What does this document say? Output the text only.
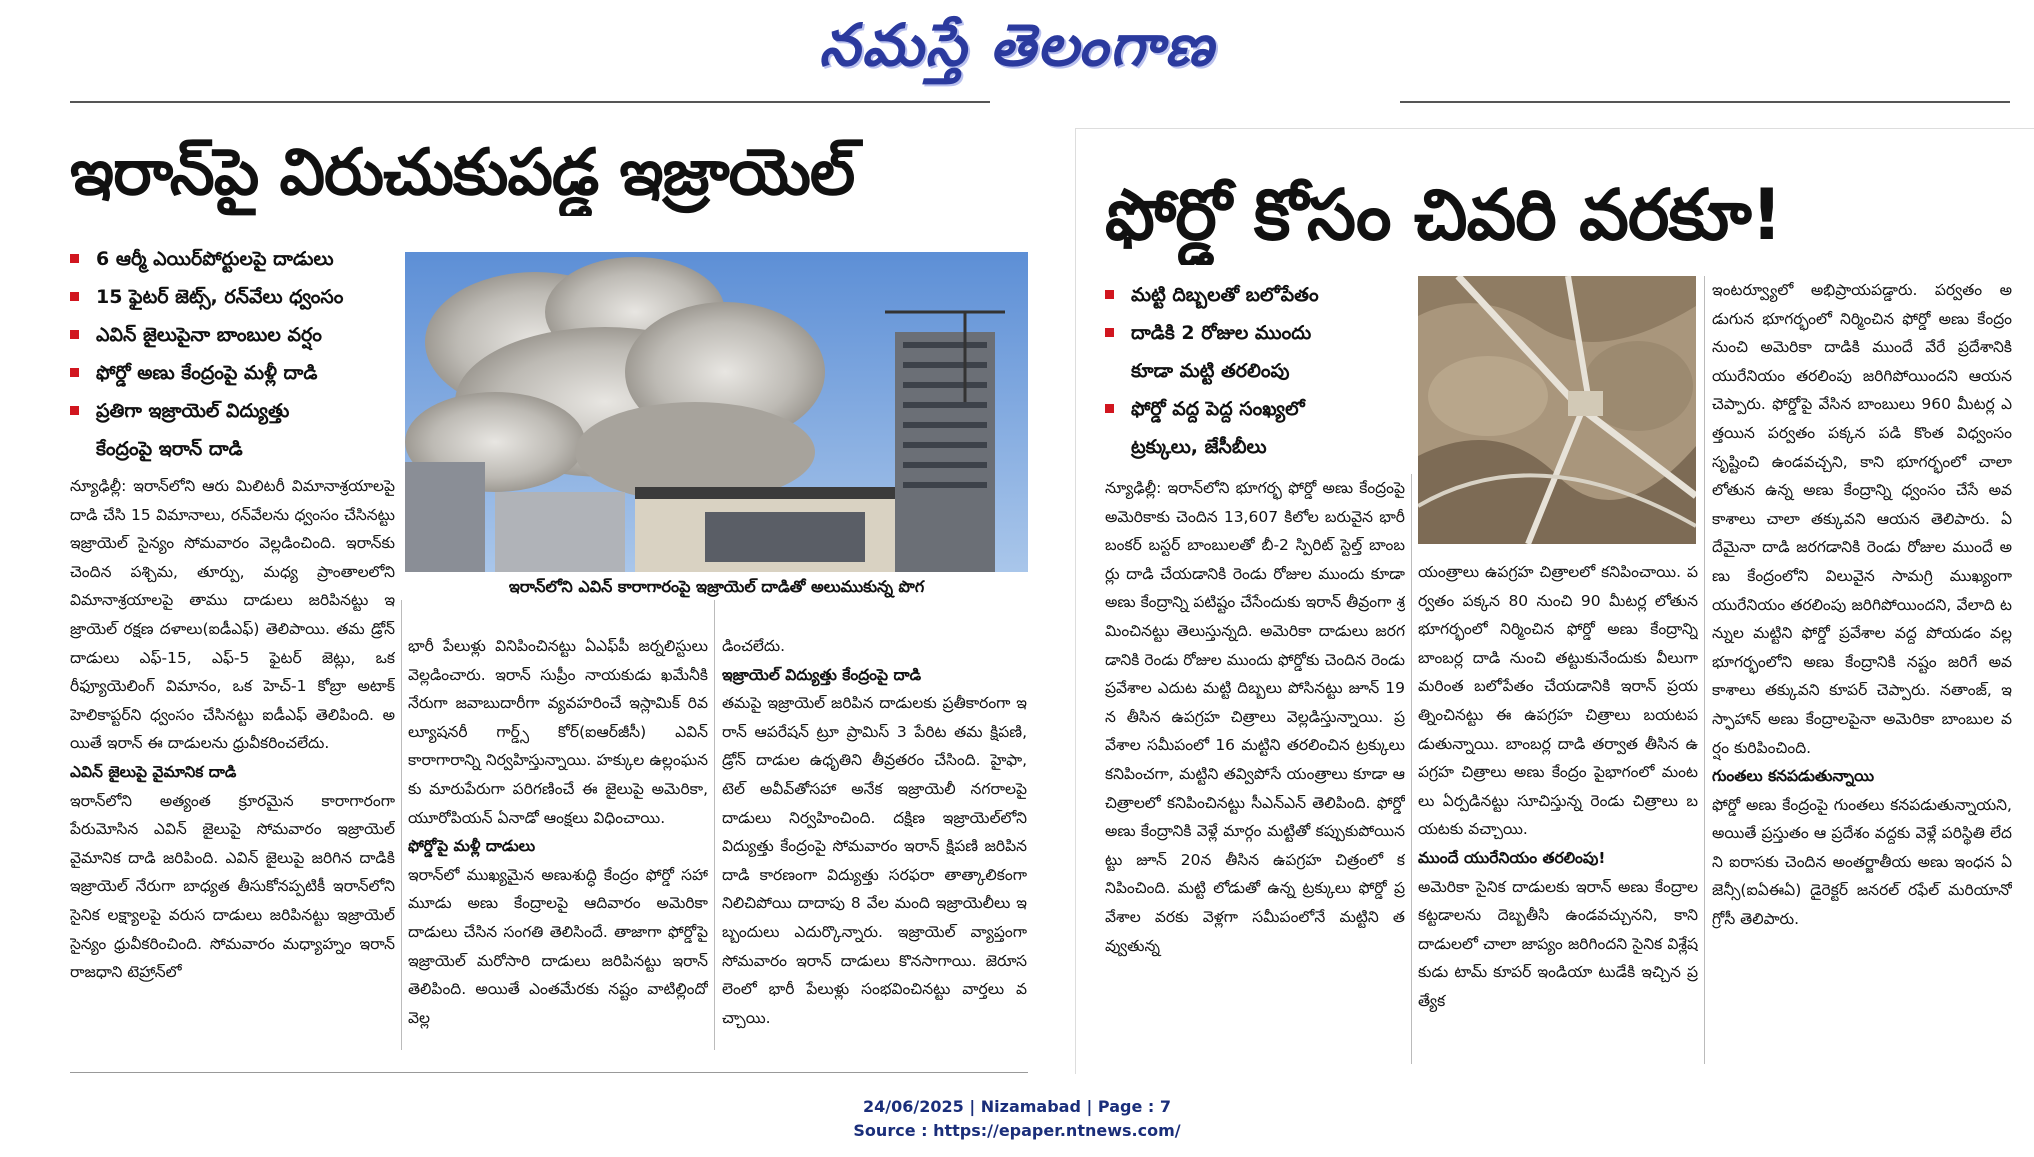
నమస్తే తెలంగాణ
ఇరాన్‌పై విరుచుకుపడ్డ ఇజ్రాయెల్
6 ఆర్మీ ఎయిర్‌పోర్టులపై దాడులు
15 ఫైటర్ జెట్స్, రన్‌వేలు ధ్వంసం
ఎవిన్ జైలుపైనా బాంబుల వర్షం
ఫోర్డో అణు కేంద్రంపై మళ్లీ దాడి
ప్రతిగా ఇజ్రాయెల్ విద్యుత్తు
కేంద్రంపై ఇరాన్ దాడి
ఇరాన్‌లోని ఎవిన్ కారాగారంపై ఇజ్రాయెల్ దాడితో అలుముకున్న పొగ

న్యూఢిల్లీ: ఇరాన్‌లోని ఆరు మిలిటరీ విమానాశ్రయాలపై దాడి చేసి 15 విమానాలు, రన్‌వేలను ధ్వంసం చేసినట్టు ఇజ్రాయెల్ సైన్యం సోమవారం వెల్లడించింది. ఇరాన్‌కు చెందిన పశ్చిమ, తూర్పు, మధ్య ప్రాంతాలలోని విమానాశ్రయాలపై తాము దాడులు జరిపినట్టు ఇజ్రాయెల్ రక్షణ దళాలు(ఐడీఎఫ్) తెలిపాయి. తమ డ్రోన్ దాడులు ఎఫ్-15, ఎఫ్-5 ఫైటర్ జెట్లు, ఒక రీఫ్యూయెలింగ్ విమానం, ఒక హెచ్-1 కోబ్రా అటాక్ హెలికాప్టర్‌ని ధ్వంసం చేసినట్టు ఐడీఎఫ్ తెలిపింది. అయితే ఇరాన్ ఈ దాడులను ధ్రువీకరించలేదు.

ఎవిన్ జైలుపై వైమానిక దాడి

ఇరాన్‌లోని అత్యంత క్రూరమైన కారాగారంగా పేరుమోసిన ఎవిన్ జైలుపై సోమవారం ఇజ్రాయెల్ వైమానిక దాడి జరిపింది. ఎవిన్ జైలుపై జరిగిన దాడికి ఇజ్రాయెల్ నేరుగా బాధ్యత తీసుకోనప్పటికీ ఇరాన్‌లోని సైనిక లక్ష్యాలపై వరుస దాడులు జరిపినట్టు ఇజ్రాయెల్ సైన్యం ధ్రువీకరించింది. సోమవారం మధ్యాహ్నం ఇరాన్ రాజధాని టెహ్రాన్‌లో

భారీ పేలుళ్లు వినిపించినట్టు ఏఎఫ్‌పీ జర్నలిస్టులు వెల్లడించారు. ఇరాన్ సుప్రీం నాయకుడు ఖమేనీకి నేరుగా జవాబుదారీగా వ్యవహరించే ఇస్లామిక్ రివల్యూషనరీ గార్డ్స్ కోర్(ఐఆర్‌జీసీ) ఎవిన్ కారాగారాన్ని నిర్వహిస్తున్నాయి. హక్కుల ఉల్లంఘనకు మారుపేరుగా పరిగణించే ఈ జైలుపై అమెరికా, యూరోపియన్ ఏనాడో ఆంక్షలు విధించాయి.

ఫోర్డోపై మళ్లీ దాడులు

ఇరాన్‌లో ముఖ్యమైన అణుశుద్ధి కేంద్రం ఫోర్డో సహా మూడు అణు కేంద్రాలపై ఆదివారం అమెరికా దాడులు చేసిన సంగతి తెలిసిందే. తాజాగా ఫోర్డోపై ఇజ్రాయెల్ మరోసారి దాడులు జరిపినట్టు ఇరాన్ తెలిపింది. అయితే ఎంతమేరకు నష్టం వాటిల్లిందో వెల్ల

డించలేదు.

ఇజ్రాయెల్ విద్యుత్తు కేంద్రంపై దాడి

తమపై ఇజ్రాయెల్ జరిపిన దాడులకు ప్రతీకారంగా ఇరాన్ ఆపరేషన్ ట్రూ ప్రామిస్ 3 పేరిట తమ క్షిపణి, డ్రోన్ దాడుల ఉధృతిని తీవ్రతరం చేసింది. హైఫా, టెల్ అవీవ్‌తోసహా అనేక ఇజ్రాయెలీ నగరాలపై దాడులు నిర్వహించింది. దక్షిణ ఇజ్రాయెల్‌లోని విద్యుత్తు కేంద్రంపై సోమవారం ఇరాన్ క్షిపణి జరిపిన దాడి కారణంగా విద్యుత్తు సరఫరా తాత్కాలికంగా నిలిచిపోయి దాదాపు 8 వేల మంది ఇజ్రాయెలీలు ఇబ్బందులు ఎదుర్కొన్నారు. ఇజ్రాయెల్ వ్యాప్తంగా సోమవారం ఇరాన్ దాడులు కొనసాగాయి. జెరూసలెంలో భారీ పేలుళ్లు సంభవించినట్టు వార్తలు వచ్చాయి.

ఫోర్డో కోసం చివరి వరకూ!
మట్టి దిబ్బలతో బలోపేతం
దాడికి 2 రోజుల ముందు
కూడా మట్టి తరలింపు
ఫోర్డో వద్ద పెద్ద సంఖ్యలో
ట్రక్కులు, జేసీబీలు

న్యూఢిల్లీ: ఇరాన్‌లోని భూగర్భ ఫోర్డో అణు కేంద్రంపై అమెరికాకు చెందిన 13,607 కిలోల బరువైన భారీ బంకర్ బస్టర్ బాంబులతో బీ-2 స్పిరిట్ స్టెల్త్ బాంబర్లు దాడి చేయడానికి రెండు రోజుల ముందు కూడా అణు కేంద్రాన్ని పటిష్టం చేసేందుకు ఇరాన్ తీవ్రంగా శ్రమించినట్టు తెలుస్తున్నది. అమెరికా దాడులు జరగడానికి రెండు రోజుల ముందు ఫోర్డోకు చెందిన రెండు ప్రవేశాల ఎదుట మట్టి దిబ్బలు పోసినట్టు జూన్ 19న తీసిన ఉపగ్రహ చిత్రాలు వెల్లడిస్తున్నాయి. ప్రవేశాల సమీపంలో 16 మట్టిని తరలించిన ట్రక్కులు కనిపించగా, మట్టిని తవ్విపోసే యంత్రాలు కూడా ఆ చిత్రాలలో కనిపించినట్టు సీఎన్ఎన్ తెలిపింది. ఫోర్డో అణు కేంద్రానికి వెళ్లే మార్గం మట్టితో కప్పుకుపోయినట్టు జూన్ 20న తీసిన ఉపగ్రహ చిత్రంలో కనిపించింది. మట్టి లోడుతో ఉన్న ట్రక్కులు ఫోర్డో ప్రవేశాల వరకు వెళ్లగా సమీపంలోనే మట్టిని తవ్వుతున్న

యంత్రాలు ఉపగ్రహ చిత్రాలలో కనిపించాయి. పర్వతం పక్కన 80 నుంచి 90 మీటర్ల లోతున భూగర్భంలో నిర్మించిన ఫోర్డో అణు కేంద్రాన్ని బాంబర్ల దాడి నుంచి తట్టుకునేందుకు వీలుగా మరింత బలోపేతం చేయడానికి ఇరాన్ ప్రయత్నించినట్టు ఈ ఉపగ్రహ చిత్రాలు బయటపడుతున్నాయి. బాంబర్ల దాడి తర్వాత తీసిన ఉపగ్రహ చిత్రాలు అణు కేంద్రం పైభాగంలో మంటలు ఏర్పడినట్టు సూచిస్తున్న రెండు చిత్రాలు బయటకు వచ్చాయి.

ముందే యురేనియం తరలింపు!

అమెరికా సైనిక దాడులకు ఇరాన్ అణు కేంద్రాల కట్టడాలను దెబ్బతీసి ఉండవచ్చునని, కాని దాడులలో చాలా జాప్యం జరిగిందని సైనిక విశ్లేషకుడు టామ్ కూపర్ ఇండియా టుడేకి ఇచ్చిన ప్రత్యేక

ఇంటర్వ్యూలో అభిప్రాయపడ్డారు. పర్వతం అడుగున భూగర్భంలో నిర్మించిన ఫోర్డో అణు కేంద్రం నుంచి అమెరికా దాడికి ముందే వేరే ప్రదేశానికి యురేనియం తరలింపు జరిగిపోయిందని ఆయన చెప్పారు. ఫోర్డోపై వేసిన బాంబులు 960 మీటర్ల ఎత్తయిన పర్వతం పక్కన పడి కొంత విధ్వంసం సృష్టించి ఉండవచ్చని, కాని భూగర్భంలో చాలా లోతున ఉన్న అణు కేంద్రాన్ని ధ్వంసం చేసే అవకాశాలు చాలా తక్కువని ఆయన తెలిపారు. ఏదేమైనా దాడి జరగడానికి రెండు రోజుల ముందే అణు కేంద్రంలోని విలువైన సామగ్రి ముఖ్యంగా యురేనియం తరలింపు జరిగిపోయిందని, వేలాది టన్నుల మట్టిని ఫోర్డో ప్రవేశాల వద్ద పోయడం వల్ల భూగర్భంలోని అణు కేంద్రానికి నష్టం జరిగే అవకాశాలు తక్కువని కూపర్ చెప్పారు. నతాంజ్, ఇస్ఫాహాన్ అణు కేంద్రాలపైనా అమెరికా బాంబుల వర్షం కురిపించింది.

గుంతలు కనపడుతున్నాయి

ఫోర్డో అణు కేంద్రంపై గుంతలు కనపడుతున్నాయని, అయితే ప్రస్తుతం ఆ ప్రదేశం వద్దకు వెళ్లే పరిస్థితి లేదని ఐరాసకు చెందిన అంతర్జాతీయ అణు ఇంధన ఏజెన్సీ(ఐఏఈఏ) డైరెక్టర్ జనరల్ రఫేల్ మరియానో గ్రోసీ తెలిపారు.

24/06/2025 | Nizamabad | Page : 7
Source : https://epaper.ntnews.com/
